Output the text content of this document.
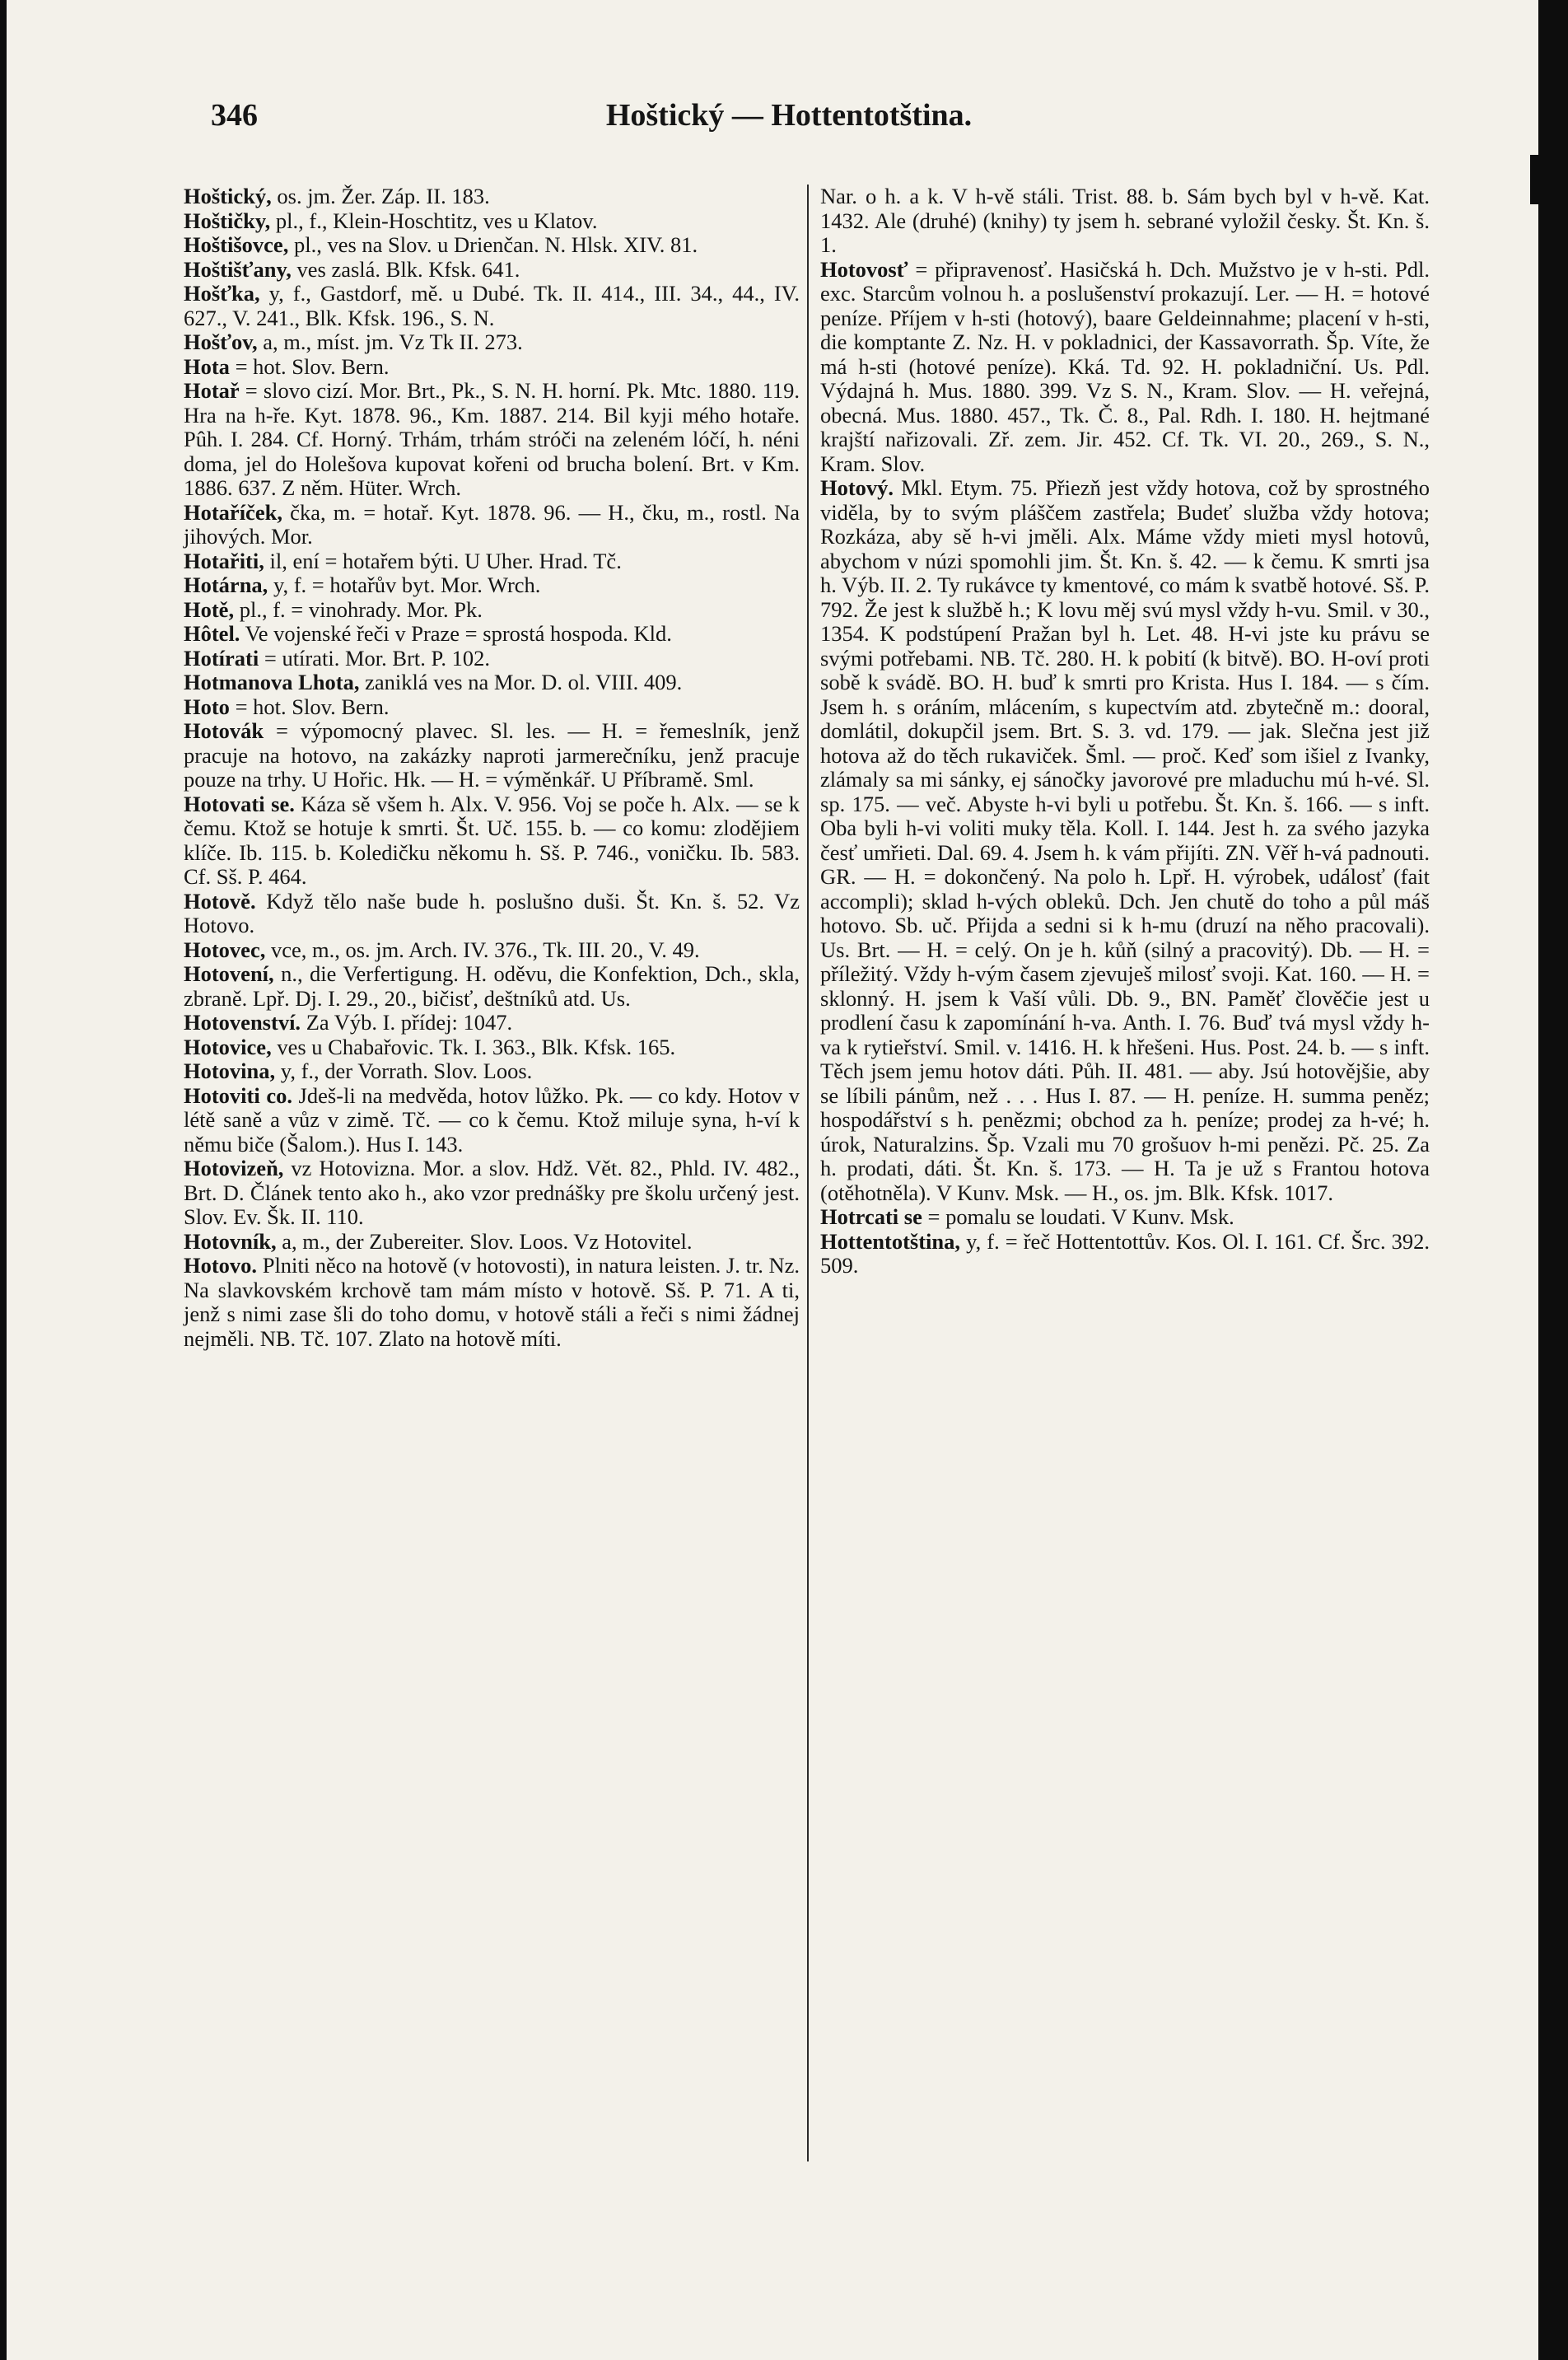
346	Hoštický — Hottentotština.

Hoštický, os. jm. Žer. Záp. II. 183.

Hoštičky, pl., f., Klein-Hoschtitz, ves u Klatov.

Hoštišovce, pl., ves na Slov. u Drienčan. N. Hlsk. XIV. 81.

Hoštišťany, ves zaslá. Blk. Kfsk. 641.

Hošťka, y, f., Gastdorf, mě. u Dubé. Tk. II. 414., III. 34., 44., IV. 627., V. 241., Blk. Kfsk. 196., S. N.

Hošťov, a, m., míst. jm. Vz Tk II. 273.

Hota = hot. Slov. Bern.

Hotař = slovo cizí. Mor. Brt., Pk., S. N. H. horní. Pk. Mtc. 1880. 119. Hra na h-ře. Kyt. 1878. 96., Km. 1887. 214. Bil kyji mého hotaře. Pûh. I. 284. Cf. Horný. Trhám, trhám stróči na zeleném lóčí, h. néni doma, jel do Holešova kupovat kořeni od brucha bolení. Brt. v Km. 1886. 637. Z něm. Hüter. Wrch.

Hotaříček, čka, m. = hotař. Kyt. 1878. 96. — H., čku, m., rostl. Na jihových. Mor.

Hotařiti, il, ení = hotařem býti. U Uher. Hrad. Tč.

Hotárna, y, f. = hotařův byt. Mor. Wrch.

Hotě, pl., f. = vinohrady. Mor. Pk.

Hôtel. Ve vojenské řeči v Praze = sprostá hospoda. Kld.

Hotírati = utírati. Mor. Brt. P. 102.

Hotmanova Lhota, zaniklá ves na Mor. D. ol. VIII. 409.

Hoto = hot. Slov. Bern.

Hotovák = výpomocný plavec. Sl. les. — H. = řemeslník, jenž pracuje na hotovo, na zakázky naproti jarmerečníku, jenž pracuje pouze na trhy. U Hořic. Hk. — H. = výměnkář. U Příbramě. Sml.

Hotovati se. Káza sě všem h. Alx. V. 956. Voj se poče h. Alx. — se k čemu. Ktož se hotuje k smrti. Št. Uč. 155. b. — co komu: zlodějiem klíče. Ib. 115. b. Koledičku někomu h. Sš. P. 746., voničku. Ib. 583. Cf. Sš. P. 464.

Hotově. Když tělo naše bude h. poslušno duši. Št. Kn. š. 52. Vz Hotovo.

Hotovec, vce, m., os. jm. Arch. IV. 376., Tk. III. 20., V. 49.

Hotovení, n., die Verfertigung. H. oděvu, die Konfektion, Dch., skla, zbraně. Lpř. Dj. I. 29., 20., bičisť, deštníků atd. Us.

Hotovenství. Za Výb. I. přídej: 1047.

Hotovice, ves u Chabařovic. Tk. I. 363., Blk. Kfsk. 165.

Hotovina, y, f., der Vorrath. Slov. Loos.

Hotoviti co. Jdeš-li na medvěda, hotov lůžko. Pk. — co kdy. Hotov v létě saně a vůz v zimě. Tč. — co k čemu. Ktož miluje syna, h-ví k němu biče (Šalom.). Hus I. 143.

Hotovizeň, vz Hotovizna. Mor. a slov. Hdž. Vět. 82., Phld. IV. 482., Brt. D. Článek tento ako h., ako vzor prednášky pre školu určený jest. Slov. Ev. Šk. II. 110.

Hotovník, a, m., der Zubereiter. Slov. Loos. Vz Hotovitel.

Hotovo. Plniti něco na hotově (v hotovosti), in natura leisten. J. tr. Nz. Na slavkovském krchově tam mám místo v hotově. Sš. P. 71. A ti, jenž s nimi zase šli do toho domu, v hotově stáli a řeči s nimi žádnej nejměli. NB. Tč. 107. Zlato na hotově míti.

Nar. o h. a k. V h-vě stáli. Trist. 88. b. Sám bych byl v h-vě. Kat. 1432. Ale (druhé) (knihy) ty jsem h. sebrané vyložil česky. Št. Kn. š. 1.

Hotovosť = připravenosť. Hasičská h. Dch. Mužstvo je v h-sti. Pdl. exc. Starcům volnou h. a poslušenství prokazují. Ler. — H. = hotové peníze. Příjem v h-sti (hotový), baare Geldeinnahme; placení v h-sti, die komptante Z. Nz. H. v pokladnici, der Kassavorrath. Šp. Víte, že má h-sti (hotové peníze). Kká. Td. 92. H. pokladniční. Us. Pdl. Výdajná h. Mus. 1880. 399. Vz S. N., Kram. Slov. — H. veřejná, obecná. Mus. 1880. 457., Tk. Č. 8., Pal. Rdh. I. 180. H. hejtmané krajští nařizovali. Zř. zem. Jir. 452. Cf. Tk. VI. 20., 269., S. N., Kram. Slov.

Hotový. Mkl. Etym. 75. Přiezň jest vždy hotova, což by sprostného viděla, by to svým pláščem zastřela; Budeť služba vždy hotova; Rozkáza, aby sě h-vi jměli. Alx. Máme vždy mieti mysl hotovů, abychom v núzi spomohli jim. Št. Kn. š. 42. — k čemu. K smrti jsa h. Výb. II. 2. Ty rukávce ty kmentové, co mám k svatbě hotové. Sš. P. 792. Že jest k službě h.; K lovu měj svú mysl vždy h-vu. Smil. v 30., 1354. K podstúpení Pražan byl h. Let. 48. H-vi jste ku právu se svými potřebami. NB. Tč. 280. H. k pobití (k bitvě). BO. H-oví proti sobě k svádě. BO. H. buď k smrti pro Krista. Hus I. 184. — s čím. Jsem h. s oráním, mlácením, s kupectvím atd. zbytečně m.: dooral, domlátil, dokupčil jsem. Brt. S. 3. vd. 179. — jak. Slečna jest již hotova až do těch rukaviček. Šml. — proč. Keď som išiel z Ivanky, zlámaly sa mi sánky, ej sánočky javorové pre mladuchu mú h-vé. Sl. sp. 175. — več. Abyste h-vi byli u potřebu. Št. Kn. š. 166. — s inft. Oba byli h-vi voliti muky těla. Koll. I. 144. Jest h. za svého jazyka česť umřieti. Dal. 69. 4. Jsem h. k vám přijíti. ZN. Věř h-vá padnouti. GR. — H. = dokončený. Na polo h. Lpř. H. výrobek, událosť (fait accompli); sklad h-vých obleků. Dch. Jen chutě do toho a půl máš hotovo. Sb. uč. Přijda a sedni si k h-mu (druzí na něho pracovali). Us. Brt. — H. = celý. On je h. kůň (silný a pracovitý). Db. — H. = příležitý. Vždy h-vým časem zjevuješ milosť svoji. Kat. 160. — H. = sklonný. H. jsem k Vaší vůli. Db. 9., BN. Paměť člověčie jest u prodlení času k zapomínání h-va. Anth. I. 76. Buď tvá mysl vždy h-va k rytieřství. Smil. v. 1416. H. k hřešeni. Hus. Post. 24. b. — s inft. Těch jsem jemu hotov dáti. Půh. II. 481. — aby. Jsú hotovějšie, aby se líbili pánům, než . . . Hus I. 87. — H. peníze. H. summa peněz; hospodářství s h. penězmi; obchod za h. peníze; prodej za h-vé; h. úrok, Naturalzins. Šp. Vzali mu 70 grošuov h-mi penězi. Pč. 25. Za h. prodati, dáti. Št. Kn. š. 173. — H. Ta je už s Frantou hotova (otěhotněla). V Kunv. Msk. — H., os. jm. Blk. Kfsk. 1017.

Hotrcati se = pomalu se loudati. V Kunv. Msk.

Hottentotština, y, f. = řeč Hottentottův. Kos. Ol. I. 161. Cf. Šrc. 392. 509.
